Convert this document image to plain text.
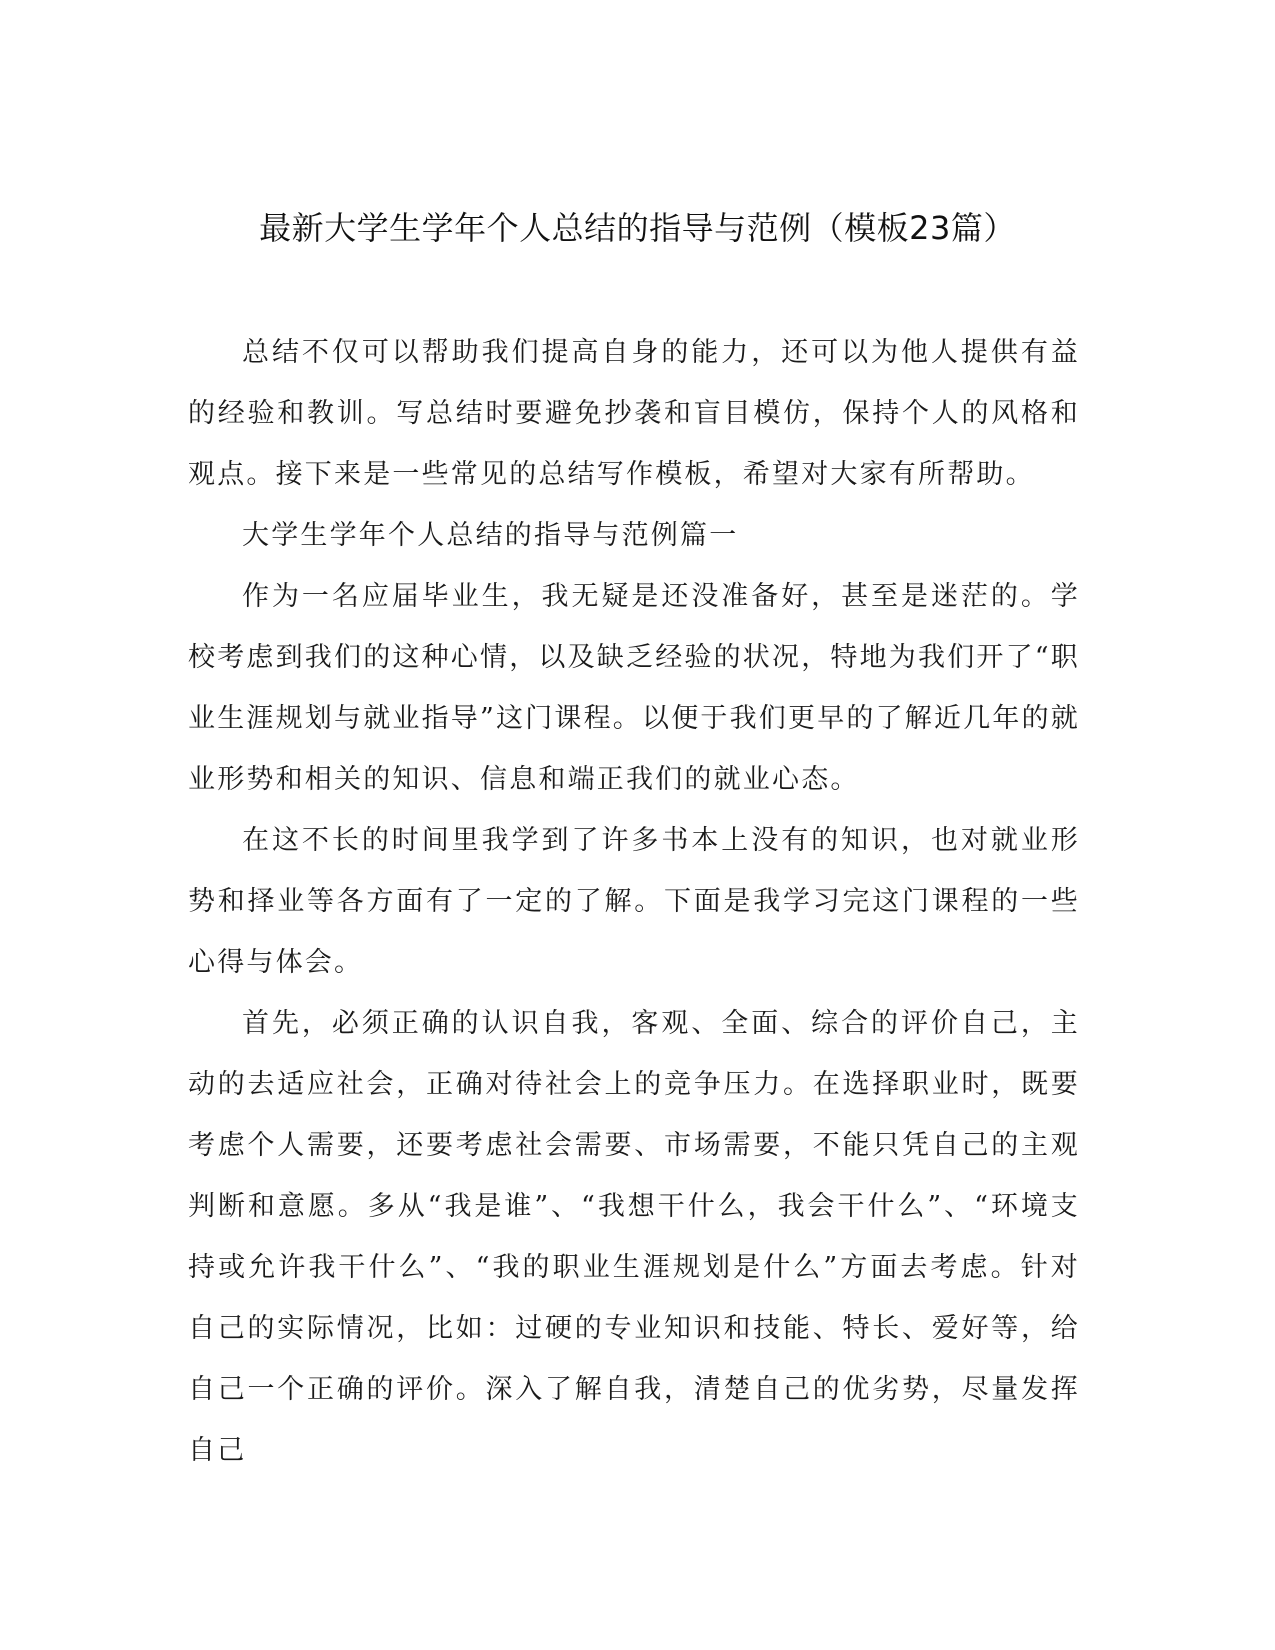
最新大学生学年个人总结的指导与范例（模板23篇）

总结不仅可以帮助我们提高自身的能力，还可以为他人提供有益的经验和教训。写总结时要避免抄袭和盲目模仿，保持个人的风格和观点。接下来是一些常见的总结写作模板，希望对大家有所帮助。

大学生学年个人总结的指导与范例篇一

作为一名应届毕业生，我无疑是还没准备好，甚至是迷茫的。学校考虑到我们的这种心情，以及缺乏经验的状况，特地为我们开了“职业生涯规划与就业指导”这门课程。以便于我们更早的了解近几年的就业形势和相关的知识、信息和端正我们的就业心态。

在这不长的时间里我学到了许多书本上没有的知识，也对就业形势和择业等各方面有了一定的了解。下面是我学习完这门课程的一些心得与体会。

首先，必须正确的认识自我，客观、全面、综合的评价自己，主动的去适应社会，正确对待社会上的竞争压力。在选择职业时，既要考虑个人需要，还要考虑社会需要、市场需要，不能只凭自己的主观判断和意愿。多从“我是谁”、“我想干什么，我会干什么”、“环境支持或允许我干什么”、“我的职业生涯规划是什么”方面去考虑。针对自己的实际情况，比如：过硬的专业知识和技能、特长、爱好等，给自己一个正确的评价。深入了解自我，清楚自己的优劣势，尽量发挥自己
